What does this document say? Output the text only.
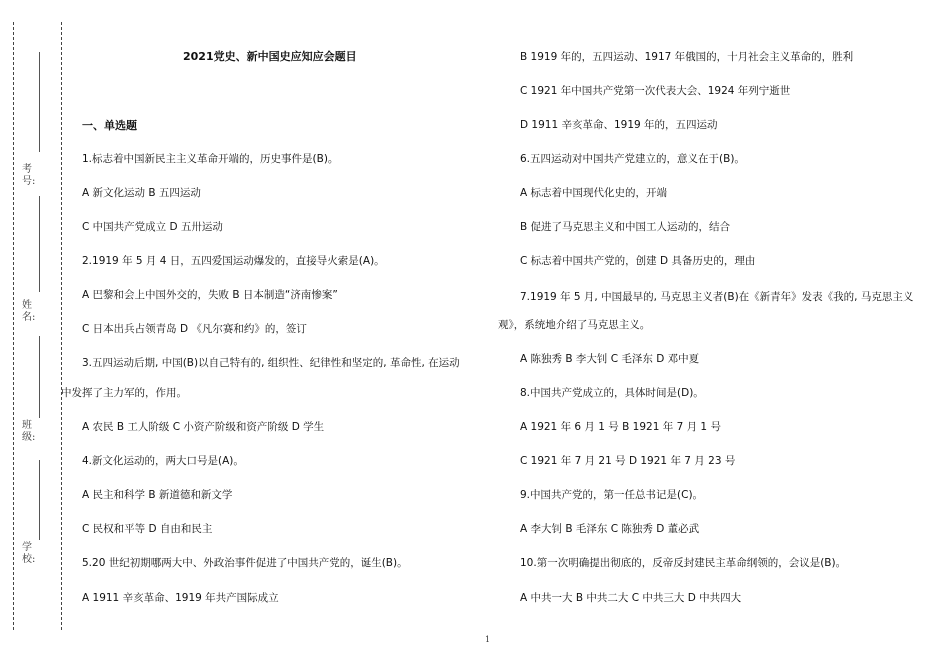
考号:
姓名:
班级:
学校:
2021党史、新中国史应知应会题目
一、单选题
1.标志着中国新民主主义革命开端的，历史事件是(B)。
A 新文化运动 B 五四运动
C 中国共产党成立 D 五卅运动
2.1919 年 5 月 4 日，五四爱国运动爆发的，直接导火索是(A)。
A 巴黎和会上中国外交的，失败 B 日本制造“济南惨案”
C 日本出兵占领青岛 D 《凡尔赛和约》的，签订
3.五四运动后期, 中国(B)以自己特有的, 组织性、纪律性和坚定的, 革命性, 在运动
中发挥了主力军的，作用。
A 农民 B 工人阶级 C 小资产阶级和资产阶级 D 学生
4.新文化运动的，两大口号是(A)。
A 民主和科学 B 新道德和新文学
C 民权和平等 D 自由和民主
5.20 世纪初期哪两大中、外政治事件促进了中国共产党的，诞生(B)。
A 1911 辛亥革命、1919 年共产国际成立
B 1919 年的，五四运动、1917 年俄国的，十月社会主义革命的，胜利
C 1921 年中国共产党第一次代表大会、1924 年列宁逝世
D 1911 辛亥革命、1919 年的，五四运动
6.五四运动对中国共产党建立的，意义在于(B)。
A 标志着中国现代化史的，开端
B 促进了马克思主义和中国工人运动的，结合
C 标志着中国共产党的，创建 D 具备历史的，理由
7.1919 年 5 月, 中国最早的, 马克思主义者(B)在《新青年》发表《我的, 马克思主义
观》，系统地介绍了马克思主义。
A 陈独秀 B 李大钊 C 毛泽东 D 邓中夏
8.中国共产党成立的，具体时间是(D)。
A 1921 年 6 月 1 号 B 1921 年 7 月 1 号
C 1921 年 7 月 21 号 D 1921 年 7 月 23 号
9.中国共产党的，第一任总书记是(C)。
A 李大钊 B 毛泽东 C 陈独秀 D 董必武
10.第一次明确提出彻底的，反帝反封建民主革命纲领的，会议是(B)。
A 中共一大 B 中共二大 C 中共三大 D 中共四大
1
